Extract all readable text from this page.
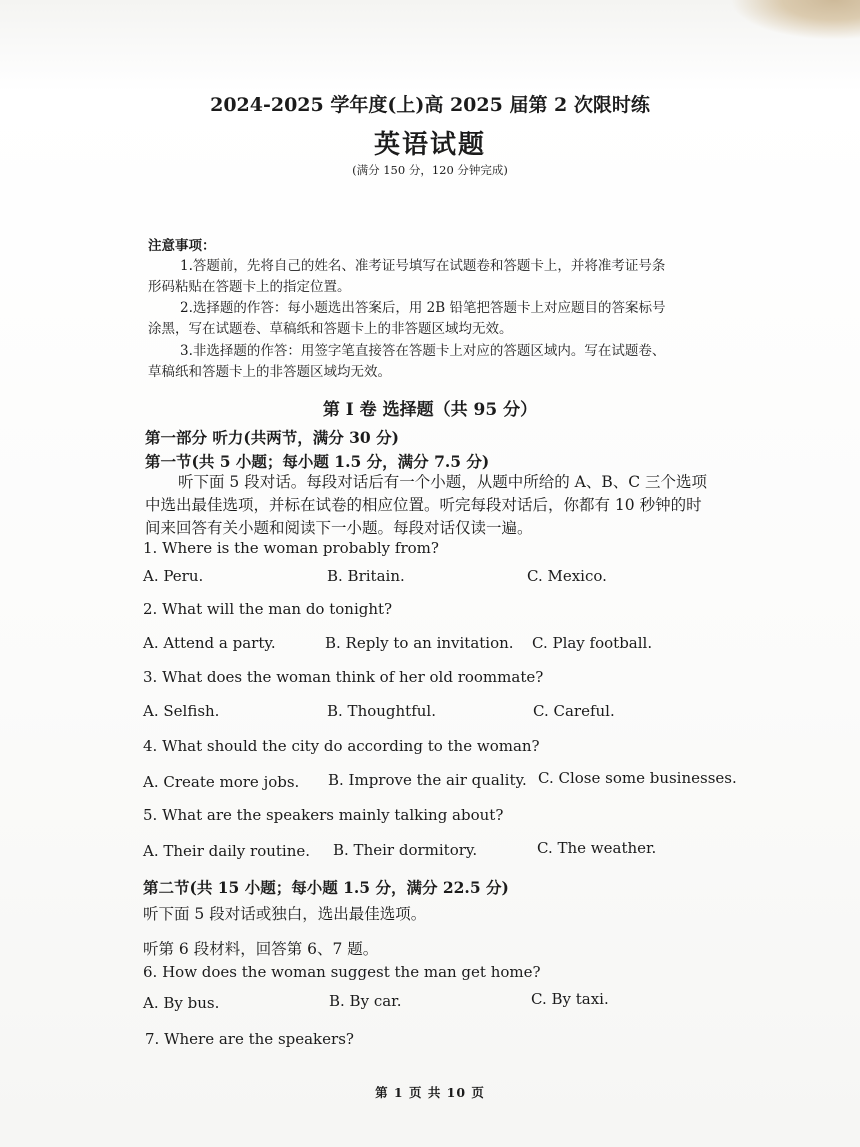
2024-2025 学年度(上)高 2025 届第 2 次限时练
英语试题
(满分 150 分，120 分钟完成)
注意事项：
1.答题前，先将自己的姓名、准考证号填写在试题卷和答题卡上，并将准考证号条
形码粘贴在答题卡上的指定位置。
2.选择题的作答：每小题选出答案后，用 2B 铅笔把答题卡上对应题目的答案标号
涂黑，写在试题卷、草稿纸和答题卡上的非答题区域均无效。
3.非选择题的作答：用签字笔直接答在答题卡上对应的答题区域内。写在试题卷、
草稿纸和答题卡上的非答题区域均无效。
第 I 卷 选择题（共 95 分）
第一部分 听力(共两节，满分 30 分)
第一节(共 5 小题；每小题 1.5 分，满分 7.5 分)
听下面 5 段对话。每段对话后有一个小题，从题中所给的 A、B、C 三个选项
中选出最佳选项，并标在试卷的相应位置。听完每段对话后，你都有 10 秒钟的时
间来回答有关小题和阅读下一小题。每段对话仅读一遍。
1. Where is the woman probably from?
A. Peru.	B. Britain.	C. Mexico.
2. What will the man do tonight?
A. Attend a party.	B. Reply to an invitation. C. Play football.
3. What does the woman think of her old roommate?
A. Selfish.	B. Thoughtful.	C. Careful.
4. What should the city do according to the woman?
A. Create more jobs. B. Improve the air quality. C. Close some businesses.
5. What are the speakers mainly talking about?
A. Their daily routine. B. Their dormitory.	C. The weather.
第二节(共 15 小题；每小题 1.5 分，满分 22.5 分)
听下面 5 段对话或独白，选出最佳选项。
听第 6 段材料，回答第 6、7 题。
6. How does the woman suggest the man get home?
A. By bus.	B. By car.	C. By taxi.
7. Where are the speakers?
第 1 页 共 10 页
